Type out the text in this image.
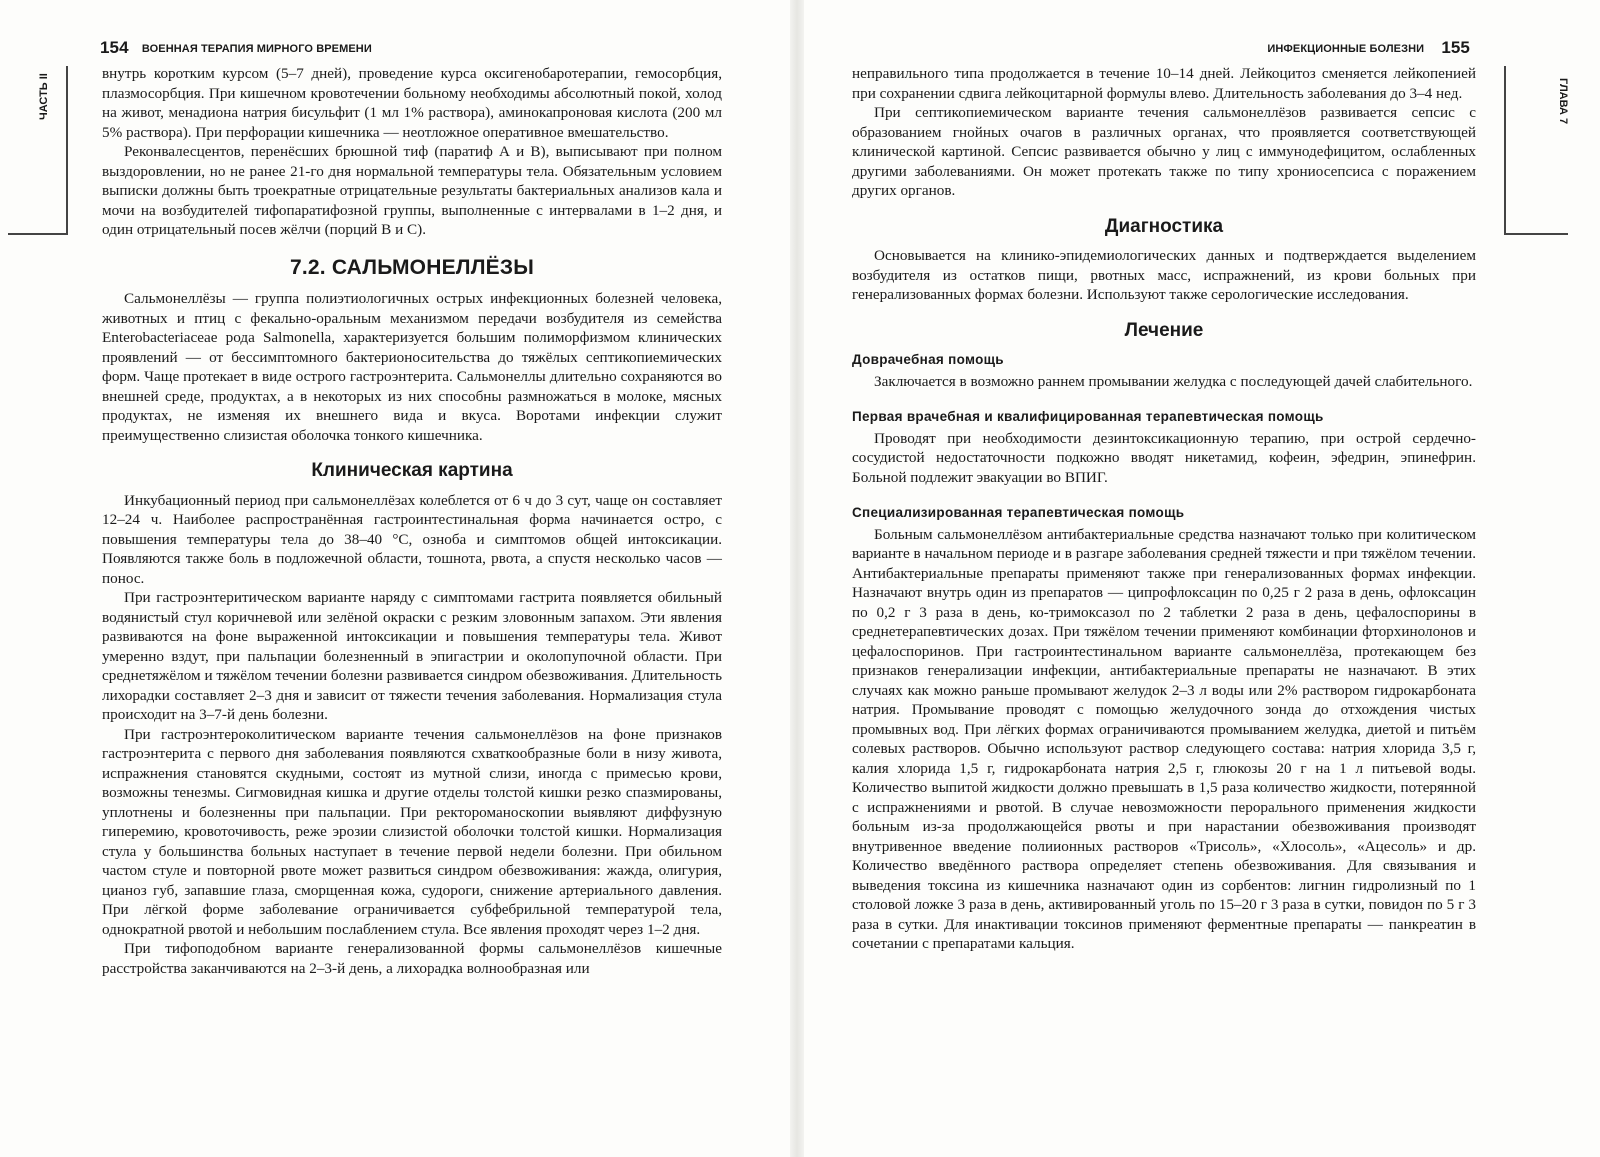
154 ВОЕННАЯ ТЕРАПИЯ МИРНОГО ВРЕМЕНИ
ЧАСТЬ II	внутрь коротким курсом (5–7 дней), проведение курса оксигенобаротерапии, гемосорбция, плазмосорбция. При кишечном кровотечении больному необходимы абсолютный покой, холод на живот, менадиона натрия бисульфит (1 мл 1% раствора), аминокапроновая кислота (200 мл 5% раствора). При перфорации кишечника — неотложное оперативное вмешательство.

Реконвалесцентов, перенёсших брюшной тиф (паратиф А и В), выписывают при полном выздоровлении, но не ранее 21-го дня нормальной температуры тела. Обязательным условием выписки должны быть троекратные отрицательные результаты бактериальных анализов кала и мочи на возбудителей тифопаратифозной группы, выполненные с интервалами в 1–2 дня, и один отрицательный посев жёлчи (порций В и С).

7.2. САЛЬМОНЕЛЛЁЗЫ

Сальмонеллёзы — группа полиэтиологичных острых инфекционных болезней человека, животных и птиц с фекально-оральным механизмом передачи возбудителя из семейства Enterobacteriaceae рода Salmonella, характеризуется большим полиморфизмом клинических проявлений — от бессимптомного бактерионосительства до тяжёлых септикопиемических форм. Чаще протекает в виде острого гастроэнтерита. Сальмонеллы длительно сохраняются во внешней среде, продуктах, а в некоторых из них способны размножаться в молоке, мясных продуктах, не изменяя их внешнего вида и вкуса. Воротами инфекции служит преимущественно слизистая оболочка тонкого кишечника.

Клиническая картина

Инкубационный период при сальмонеллёзах колеблется от 6 ч до 3 сут, чаще он составляет 12–24 ч. Наиболее распространённая гастроинтестинальная форма начинается остро, с повышения температуры тела до 38–40 °С, озноба и симптомов общей интоксикации. Появляются также боль в подложечной области, тошнота, рвота, а спустя несколько часов — понос.

При гастроэнтеритическом варианте наряду с симптомами гастрита появляется обильный водянистый стул коричневой или зелёной окраски с резким зловонным запахом. Эти явления развиваются на фоне выраженной интоксикации и повышения температуры тела. Живот умеренно вздут, при пальпации болезненный в эпигастрии и околопупочной области. При среднетяжёлом и тяжёлом течении болезни развивается синдром обезвоживания. Длительность лихорадки составляет 2–3 дня и зависит от тяжести течения заболевания. Нормализация стула происходит на 3–7-й день болезни.

При гастроэнтероколитическом варианте течения сальмонеллёзов на фоне признаков гастроэнтерита с первого дня заболевания появляются схваткообразные боли в низу живота, испражнения становятся скудными, состоят из мутной слизи, иногда с примесью крови, возможны тенезмы. Сигмовидная кишка и другие отделы толстой кишки резко спазмированы, уплотнены и болезненны при пальпации. При ректороманоскопии выявляют диффузную гиперемию, кровоточивость, реже эрозии слизистой оболочки толстой кишки. Нормализация стула у большинства больных наступает в течение первой недели болезни. При обильном частом стуле и повторной рвоте может развиться синдром обезвоживания: жажда, олигурия, цианоз губ, запавшие глаза, сморщенная кожа, судороги, снижение артериального давления. При лёгкой форме заболевание ограничивается субфебрильной температурой тела, однократной рвотой и небольшим послаблением стула. Все явления проходят через 1–2 дня.

При тифоподобном варианте генерализованной формы сальмонеллёзов кишечные расстройства заканчиваются на 2–3-й день, а лихорадка волнообразная или

ИНФЕКЦИОННЫЕ БОЛЕЗНИ 155
ГЛАВА 7

неправильного типа продолжается в течение 10–14 дней. Лейкоцитоз сменяется лейкопенией при сохранении сдвига лейкоцитарной формулы влево. Длительность заболевания до 3–4 нед.

При септикопиемическом варианте течения сальмонеллёзов развивается сепсис с образованием гнойных очагов в различных органах, что проявляется соответствующей клинической картиной. Сепсис развивается обычно у лиц с иммунодефицитом, ослабленных другими заболеваниями. Он может протекать также по типу хрониосепсиса с поражением других органов.

Диагностика

Основывается на клинико-эпидемиологических данных и подтверждается выделением возбудителя из остатков пищи, рвотных масс, испражнений, из крови больных при генерализованных формах болезни. Используют также серологические исследования.

Лечение
Доврачебная помощь

Заключается в возможно раннем промывании желудка с последующей дачей слабительного.

Первая врачебная и квалифицированная терапевтическая помощь

Проводят при необходимости дезинтоксикационную терапию, при острой сердечно-сосудистой недостаточности подкожно вводят никетамид, кофеин, эфедрин, эпинефрин. Больной подлежит эвакуации во ВПИГ.

Специализированная терапевтическая помощь

Больным сальмонеллёзом антибактериальные средства назначают только при колитическом варианте в начальном периоде и в разгаре заболевания средней тяжести и при тяжёлом течении. Антибактериальные препараты применяют также при генерализованных формах инфекции. Назначают внутрь один из препаратов — ципрофлоксацин по 0,25 г 2 раза в день, офлоксацин по 0,2 г 3 раза в день, ко-тримоксазол по 2 таблетки 2 раза в день, цефалоспорины в среднетерапевтических дозах. При тяжёлом течении применяют комбинации фторхинолонов и цефалоспоринов. При гастроинтестинальном варианте сальмонеллёза, протекающем без признаков генерализации инфекции, антибактериальные препараты не назначают. В этих случаях как можно раньше промывают желудок 2–3 л воды или 2% раствором гидрокарбоната натрия. Промывание проводят с помощью желудочного зонда до отхождения чистых промывных вод. При лёгких формах ограничиваются промыванием желудка, диетой и питьём солевых растворов. Обычно используют раствор следующего состава: натрия хлорида 3,5 г, калия хлорида 1,5 г, гидрокарбоната натрия 2,5 г, глюкозы 20 г на 1 л питьевой воды. Количество выпитой жидкости должно превышать в 1,5 раза количество жидкости, потерянной с испражнениями и рвотой. В случае невозможности перорального применения жидкости больным из-за продолжающейся рвоты и при нарастании обезвоживания производят внутривенное введение полиионных растворов «Трисоль», «Хлосоль», «Ацесоль» и др. Количество введённого раствора определяет степень обезвоживания. Для связывания и выведения токсина из кишечника назначают один из сорбентов: лигнин гидролизный по 1 столовой ложке 3 раза в день, активированный уголь по 15–20 г 3 раза в сутки, повидон по 5 г 3 раза в сутки. Для инактивации токсинов применяют ферментные препараты — панкреатин в сочетании с препаратами кальция.
